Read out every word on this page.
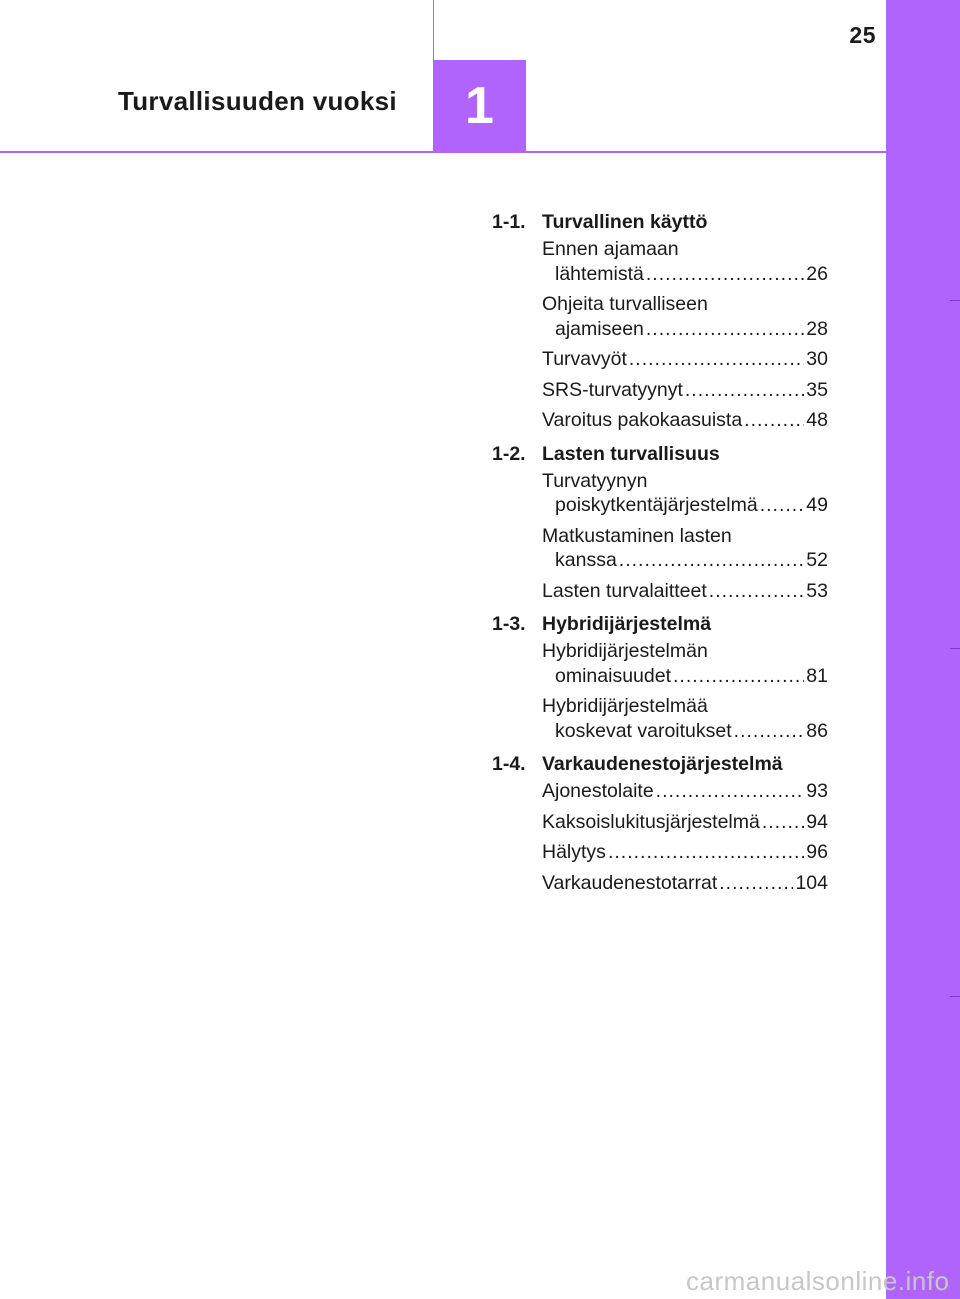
25
1
Turvallisuuden vuoksi
1-1. Turvallinen käyttö
Ennen ajamaan
lähtemistä .....	26
Ohjeita turvalliseen
ajamiseen .....	28
Turvavyöt .....	30
SRS-turvatyynyt .....	35
Varoitus pakokaasuista .....	48
1-2. Lasten turvallisuus
Turvatyynyn
poiskytkentäjärjestelmä ..... 49
Matkustaminen lasten
kanssa .....	52
Lasten turvalaitteet .....	53
1-3. Hybridijärjestelmä
Hybridijärjestelmän
ominaisuudet .....	81
Hybridijärjestelmää
koskevat varoitukset .....	86
1-4. Varkaudenestojärjestelmä
Ajonestolaite .....	93
Kaksoislukitusjärjestelmä ..... 94
Hälytys .....	96
Varkaudenestotarrat .....	104
carmanualsonline.info
